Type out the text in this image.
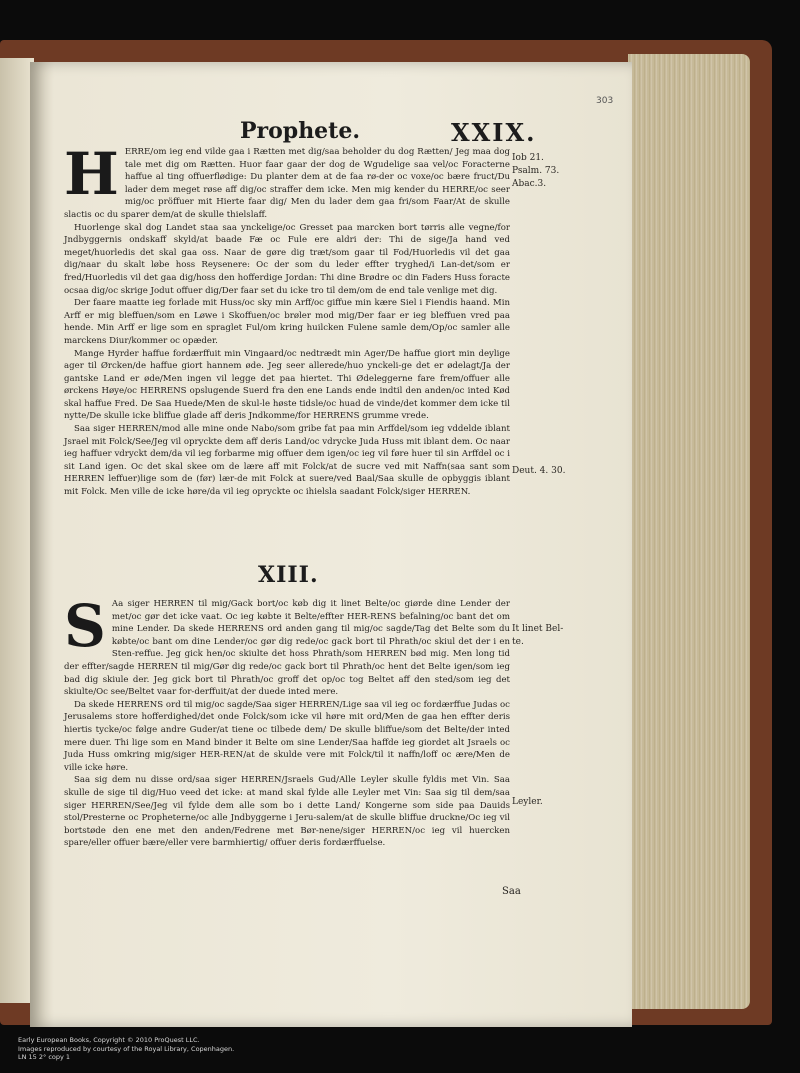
303
Prophete.	XXIX.
H ERRE/om ieg end vilde gaa i Rætten met dig/saa beholder du dog Rætten/ Jeg maa dog tale met dig om Rætten. Huor faar gaar der dog de Wgudelige saa vel/oc Foracterne haffue al ting offuerflødige: Du planter dem at de faa rø-der oc voxe/oc bære fruct/Du lader dem meget røse aff dig/oc straffer dem icke. Men mig kender du HERRE/oc seer mig/oc pröffuer mit Hierte faar dig/ Men du lader dem gaa fri/som Faar/At de skulle slactis oc du sparer dem/at de skulle thielslaff.

Huorlenge skal dog Landet staa saa ynckelige/oc Gresset paa marcken bort tørris alle vegne/for Jndbyggernis ondskaff skyld/at baade Fæ oc Fule ere aldri der: Thi de sige/Ja hand ved meget/huorledis det skal gaa oss. Naar de gøre dig træt/som gaar til Fod/Huorledis vil det gaa dig/naar du skalt løbe hoss Reysenere: Oc der som du leder effter tryghed/i Lan-det/som er fred/Huorledis vil det gaa dig/hoss den hofferdige Jordan: Thi dine Brødre oc din Faders Huss foracte ocsaa dig/oc skrige Jodut offuer dig/Der faar set du icke tro til dem/om de end tale venlige met dig.

Der faare maatte ieg forlade mit Huss/oc sky min Arff/oc giffue min kære Siel i Fiendis haand. Min Arff er mig bleffuen/som en Løwe i Skoffuen/oc brøler mod mig/Der faar er ieg bleffuen vred paa hende. Min Arff er lige som en spraglet Ful/om kring huilcken Fulene samle dem/Op/oc samler alle marckens Diur/kommer oc opæder.

Mange Hyrder haffue fordærffuit min Vingaard/oc nedtrædt min Ager/De haffue giort min deylige ager til Ørcken/de haffue giort hannem øde. Jeg seer allerede/huo ynckeli-ge det er ødelagt/Ja der gantske Land er øde/Men ingen vil legge det paa hiertet. Thi Ødeleggerne fare frem/offuer alle ørckens Høye/oc HERRENS opslugende Suerd fra den ene Lands ende indtil den anden/oc inted Kød skal haffue Fred. De Saa Huede/Men de skul-le høste tidsle/oc huad de vinde/det kommer dem icke til nytte/De skulle icke bliffue glade aff deris Jndkomme/for HERRENS grumme vrede.

Saa siger HERREN/mod alle mine onde Nabo/som gribe fat paa min Arffdel/som ieg vddelde iblant Jsrael mit Folck/See/Jeg vil opryckte dem aff deris Land/oc vdrycke Juda Huss mit iblant dem. Oc naar ieg haffuer vdryckt dem/da vil ieg forbarme mig offuer dem igen/oc ieg vil føre huer til sin Arffdel oc i sit Land igen. Oc det skal skee om de lære aff mit Folck/at de sucre ved mit Naffn(saa sant som HERREN leffuer)lige som de (før) lær-de mit Folck at suere/ved Baal/Saa skulle de opbyggis iblant mit Folck. Men ville de icke høre/da vil ieg opryckte oc ihielsla saadant Folck/siger HERREN.

XIII.
S Aa siger HERREN til mig/Gack bort/oc køb dig it linet Belte/oc giørde dine Lender der met/oc gør det icke vaat. Oc ieg købte it Belte/effter HER-RENS befalning/oc bant det om mine Lender. Da skede HERRENS ord anden gang til mig/oc sagde/Tag det Belte som du købte/oc bant om dine Lender/oc gør dig rede/oc gack bort til Phrath/oc skiul det der i en Sten-reffue. Jeg gick hen/oc skiulte det hoss Phrath/som HERREN bød mig. Men long tid der effter/sagde HERREN til mig/Gør dig rede/oc gack bort til Phrath/oc hent det Belte igen/som ieg bad dig skiule der. Jeg gick bort til Phrath/oc groff det op/oc tog Beltet aff den sted/som ieg det skiulte/Oc see/Beltet vaar for-derffuit/at der duede inted mere.

Da skede HERRENS ord til mig/oc sagde/Saa siger HERREN/Lige saa vil ieg oc fordærffue Judas oc Jerusalems store hofferdighed/det onde Folck/som icke vil høre mit ord/Men de gaa hen effter deris hiertis tycke/oc følge andre Guder/at tiene oc tilbede dem/ De skulle bliffue/som det Belte/der inted mere duer. Thi lige som en Mand binder it Belte om sine Lender/Saa haffde ieg giordet alt Jsraels oc Juda Huss omkring mig/siger HER-REN/at de skulde vere mit Folck/til it naffn/loff oc ære/Men de ville icke høre.

Saa sig dem nu disse ord/saa siger HERREN/Jsraels Gud/Alle Leyler skulle fyldis met Vin. Saa skulle de sige til dig/Huo veed det icke: at mand skal fylde alle Leyler met Vin: Saa sig til dem/saa siger HERREN/See/Jeg vil fylde dem alle som bo i dette Land/ Kongerne som side paa Dauids stol/Presterne oc Propheterne/oc alle Jndbyggerne i Jeru-salem/at de skulle bliffue druckne/Oc ieg vil bortstøde den ene met den anden/Fedrene met Bør-nene/siger HERREN/oc ieg vil huercken spare/eller offuer bære/eller vere barmhiertig/ offuer deris fordærffuelse.

Iob 21.
Psalm. 73.
Abac.3.
Deut. 4. 30.
It linet Bel-
te.
Leyler.
Saa
Early European Books, Copyright © 2010 ProQuest LLC.
Images reproduced by courtesy of the Royal Library, Copenhagen.
LN 15 2° copy 1
